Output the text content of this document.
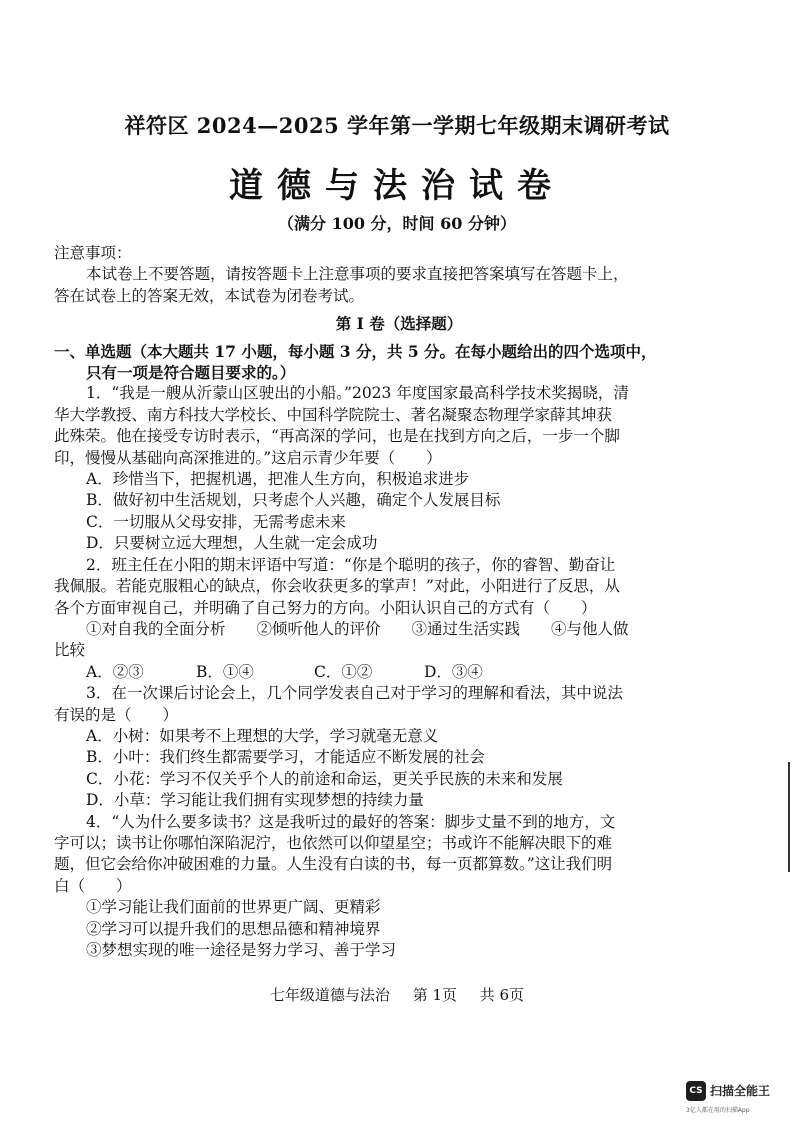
祥符区 2024—2025 学年第一学期七年级期末调研考试
道德与法治试卷
（满分 100 分，时间 60 分钟）
注意事项：
本试卷上不要答题，请按答题卡上注意事项的要求直接把答案填写在答题卡上，
答在试卷上的答案无效，本试卷为闭卷考试。
第 I 卷（选择题）
一、单选题（本大题共 17 小题，每小题 3 分，共 5 分。在每小题给出的四个选项中，
只有一项是符合题目要求的。）
1．“我是一艘从沂蒙山区驶出的小船。”2023 年度国家最高科学技术奖揭晓，清
华大学教授、南方科技大学校长、中国科学院院士、著名凝聚态物理学家薛其坤获
此殊荣。他在接受专访时表示，“再高深的学问，也是在找到方向之后，一步一个脚
印，慢慢从基础向高深推进的。”这启示青少年要（　　）
A．珍惜当下，把握机遇，把准人生方向，积极追求进步
B．做好初中生活规划，只考虑个人兴趣，确定个人发展目标
C．一切服从父母安排，无需考虑未来
D．只要树立远大理想，人生就一定会成功
2．班主任在小阳的期末评语中写道：“你是个聪明的孩子，你的睿智、勤奋让
我佩服。若能克服粗心的缺点，你会收获更多的掌声！”对此，小阳进行了反思，从
各个方面审视自己，并明确了自己努力的方向。小阳认识自己的方式有（　　）
①对自我的全面分析　　②倾听他人的评价　　③通过生活实践　　④与他人做
比较
A．②③	B．①④	C．①②	D．③④
3．在一次课后讨论会上，几个同学发表自己对于学习的理解和看法，其中说法
有误的是（　　）
A．小树：如果考不上理想的大学，学习就毫无意义
B．小叶：我们终生都需要学习，才能适应不断发展的社会
C．小花：学习不仅关乎个人的前途和命运，更关乎民族的未来和发展
D．小草：学习能让我们拥有实现梦想的持续力量
4．“人为什么要多读书？这是我听过的最好的答案：脚步丈量不到的地方，文
字可以；读书让你哪怕深陷泥泞，也依然可以仰望星空；书或许不能解决眼下的难
题，但它会给你冲破困难的力量。人生没有白读的书，每一页都算数。”这让我们明
白（　　）
①学习能让我们面前的世界更广阔、更精彩
②学习可以提升我们的思想品德和精神境界
③梦想实现的唯一途径是努力学习、善于学习
七年级道德与法治 第 1页 共 6页
CS 扫描全能王
3亿人都在用的扫描App
